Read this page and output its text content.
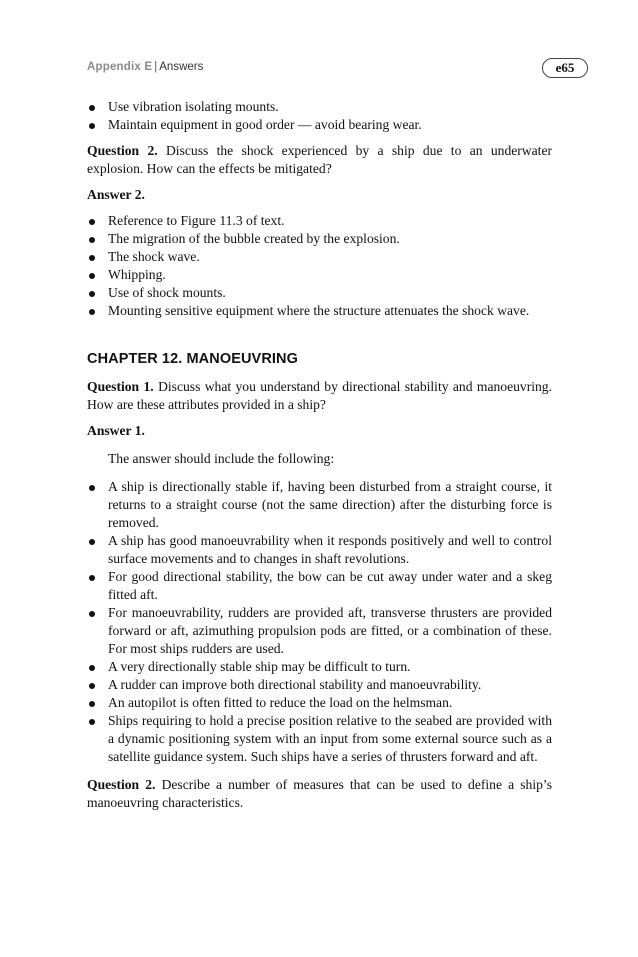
Appendix E | Answers	e65
Use vibration isolating mounts.
Maintain equipment in good order — avoid bearing wear.

Question 2. Discuss the shock experienced by a ship due to an underwater explosion. How can the effects be mitigated?

Answer 2.

Reference to Figure 11.3 of text.
The migration of the bubble created by the explosion.
The shock wave.
Whipping.
Use of shock mounts.
Mounting sensitive equipment where the structure attenuates the shock wave.

CHAPTER 12. MANOEUVRING

Question 1. Discuss what you understand by directional stability and manoeuvring. How are these attributes provided in a ship?

Answer 1.

The answer should include the following:

A ship is directionally stable if, having been disturbed from a straight course, it returns to a straight course (not the same direction) after the disturbing force is removed.
A ship has good manoeuvrability when it responds positively and well to control surface movements and to changes in shaft revolutions.
For good directional stability, the bow can be cut away under water and a skeg fitted aft.
For manoeuvrability, rudders are provided aft, transverse thrusters are provided forward or aft, azimuthing propulsion pods are fitted, or a combination of these. For most ships rudders are used.
A very directionally stable ship may be difficult to turn.
A rudder can improve both directional stability and manoeuvrability.
An autopilot is often fitted to reduce the load on the helmsman.
Ships requiring to hold a precise position relative to the seabed are provided with a dynamic positioning system with an input from some external source such as a satellite guidance system. Such ships have a series of thrusters forward and aft.

Question 2. Describe a number of measures that can be used to define a ship’s manoeuvring characteristics.
